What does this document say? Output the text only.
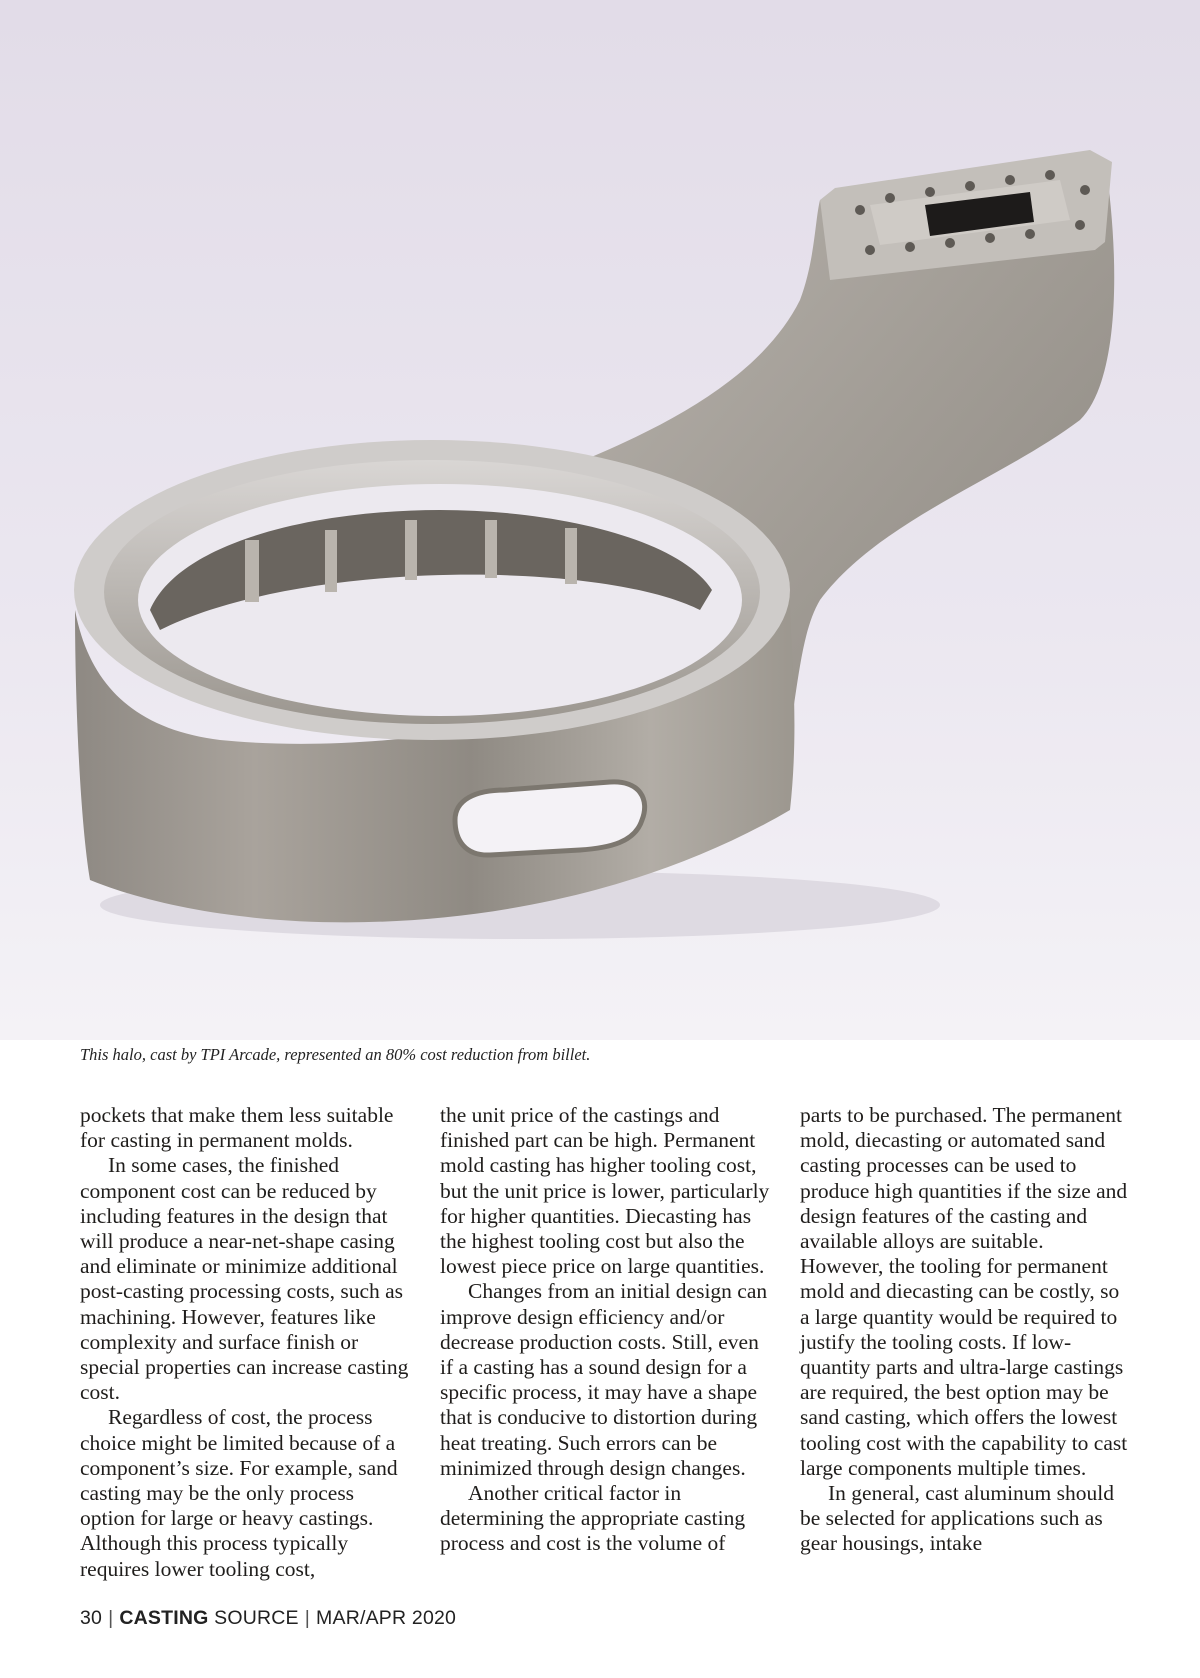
This halo, cast by TPI Arcade, represented an 80% cost reduction from billet.

pockets that make them less suitable for casting in permanent molds.

In some cases, the finished component cost can be reduced by including features in the design that will produce a near-net-shape casing and eliminate or minimize additional post-casting processing costs, such as machining. However, features like complexity and surface finish or special properties can increase casting cost.

Regardless of cost, the process choice might be limited because of a component’s size. For example, sand casting may be the only process option for large or heavy castings. Although this process typically requires lower tooling cost,

the unit price of the castings and finished part can be high. Permanent mold casting has higher tooling cost, but the unit price is lower, particularly for higher quantities. Diecasting has the highest tooling cost but also the lowest piece price on large quantities.

Changes from an initial design can improve design efficiency and/or decrease production costs. Still, even if a casting has a sound design for a specific process, it may have a shape that is conducive to distortion during heat treating. Such errors can be minimized through design changes.

Another critical factor in determining the appropriate casting process and cost is the volume of

parts to be purchased. The permanent mold, diecasting or automated sand casting processes can be used to produce high quantities if the size and design features of the casting and available alloys are suitable. However, the tooling for permanent mold and diecasting can be costly, so a large quantity would be required to justify the tooling costs. If low-quantity parts and ultra-large castings are required, the best option may be sand casting, which offers the lowest tooling cost with the capability to cast large components multiple times.

In general, cast aluminum should be selected for applications such as gear housings, intake

30 | CASTING SOURCE | MAR/APR 2020
